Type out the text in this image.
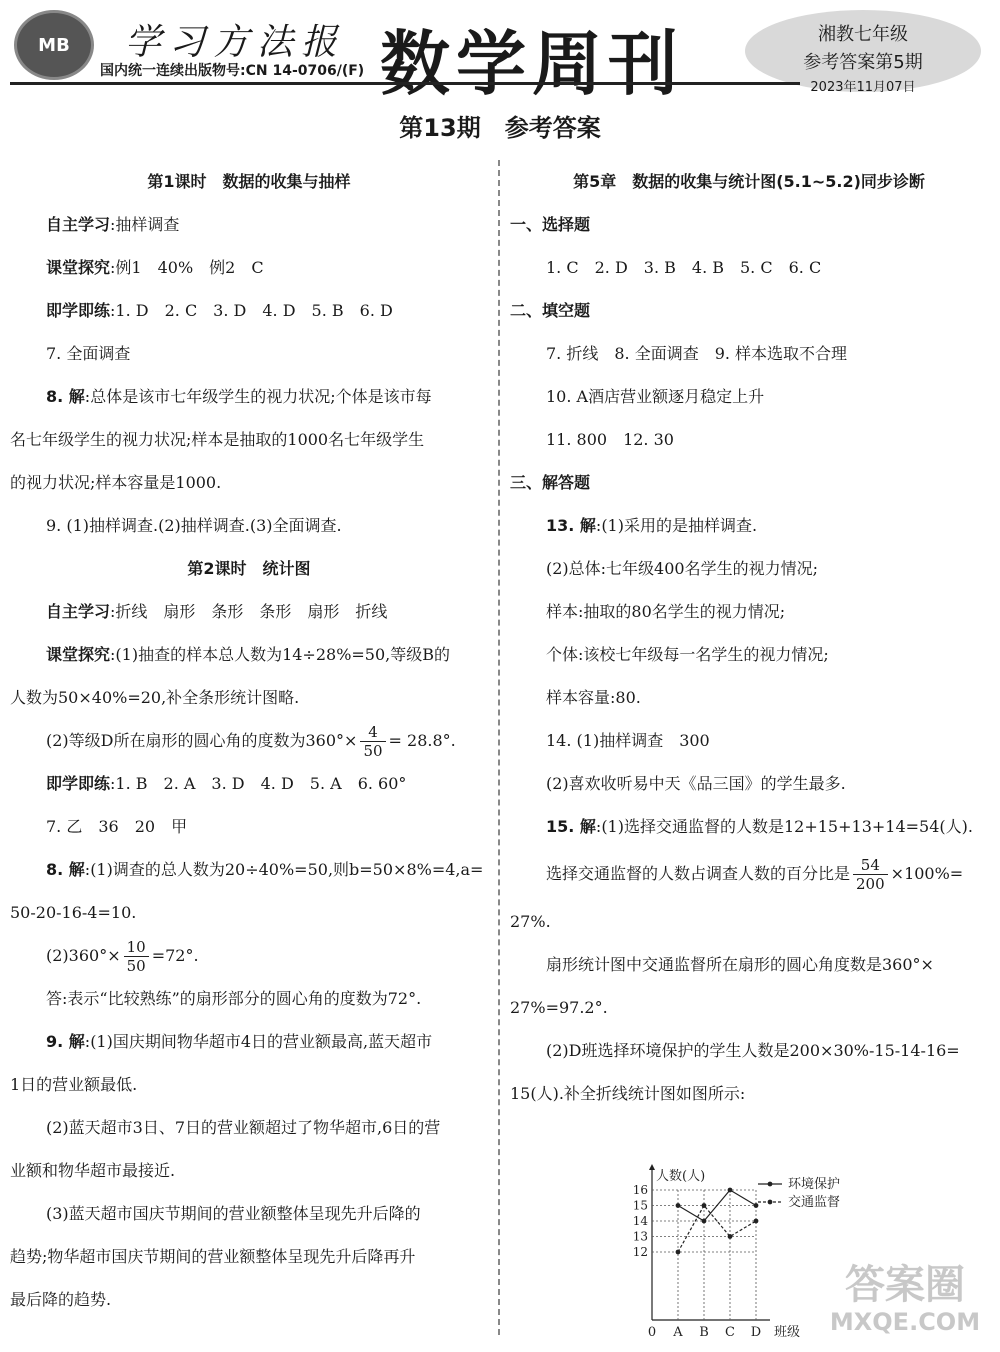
MB 学习方法报
国内统一连续出版物号:CN 14-0706/(F) 数学周刊	湘教七年级
参考答案第5期
2023年11月07日
第13期　参考答案

第1课时　数据的收集与抽样

自主学习:抽样调查

课堂探究:例1　40%　例2　C

即学即练:1. D　2. C　3. D　4. D　5. B　6. D

7. 全面调查

8. 解:总体是该市七年级学生的视力状况;个体是该市每

名七年级学生的视力状况;样本是抽取的1000名七年级学生

的视力状况;样本容量是1000.

9. (1)抽样调查.(2)抽样调查.(3)全面调查.

第2课时　统计图

自主学习:折线　扇形　条形　条形　扇形　折线

课堂探究:(1)抽查的样本总人数为14÷28%=50,等级B的

人数为50×40%=20,补全条形统计图略.

(2)等级D所在扇形的圆心角的度数为$360^\circ\times \frac{4}{50} = 28.8^\circ$.

即学即练:1. B　2. A　3. D　4. D　5. A　6. 60°

7. 乙　36　20　甲

8. 解:(1)调查的总人数为20÷40%=50,则b=50×8%=4,a=

50-20-16-4=10.

$(2)360^\circ\times \frac{10}{50} =72^\circ$.

答:表示“比较熟练”的扇形部分的圆心角的度数为72°.

9. 解:(1)国庆期间物华超市4日的营业额最高,蓝天超市

1日的营业额最低.

(2)蓝天超市3日、7日的营业额超过了物华超市,6日的营

业额和物华超市最接近.

(3)蓝天超市国庆节期间的营业额整体呈现先升后降的

趋势;物华超市国庆节期间的营业额整体呈现先升后降再升

最后降的趋势.

第5章　数据的收集与统计图(5.1~5.2)同步诊断

一、选择题

1. C　2. D　3. B　4. B　5. C　6. C

二、填空题

7. 折线　8. 全面调查　9. 样本选取不合理

10. A酒店营业额逐月稳定上升

11. 800　12. 30

三、解答题

13. 解:(1)采用的是抽样调查.

(2)总体:七年级400名学生的视力情况;

样本:抽取的80名学生的视力情况;

个体:该校七年级每一名学生的视力情况;

样本容量:80.

14. (1)抽样调查　300

(2)喜欢收听易中天《品三国》的学生最多.

15. 解:(1)选择交通监督的人数是12+15+13+14=54(人).

选择交通监督的人数占调查人数的百分比是 $\frac{54}{200} \times 100\%=$

27%.

扇形统计图中交通监督所在扇形的圆心角度数是360°×

27%=97.2°.

(2)D班选择环境保护的学生人数是200×30%-15-14-16=

15(人).补全折线统计图如图所示:

人数(人)
班级
0
12
13
14
15
16
A B C D
环境保护
交通监督
答案圈
MXQE.COM
